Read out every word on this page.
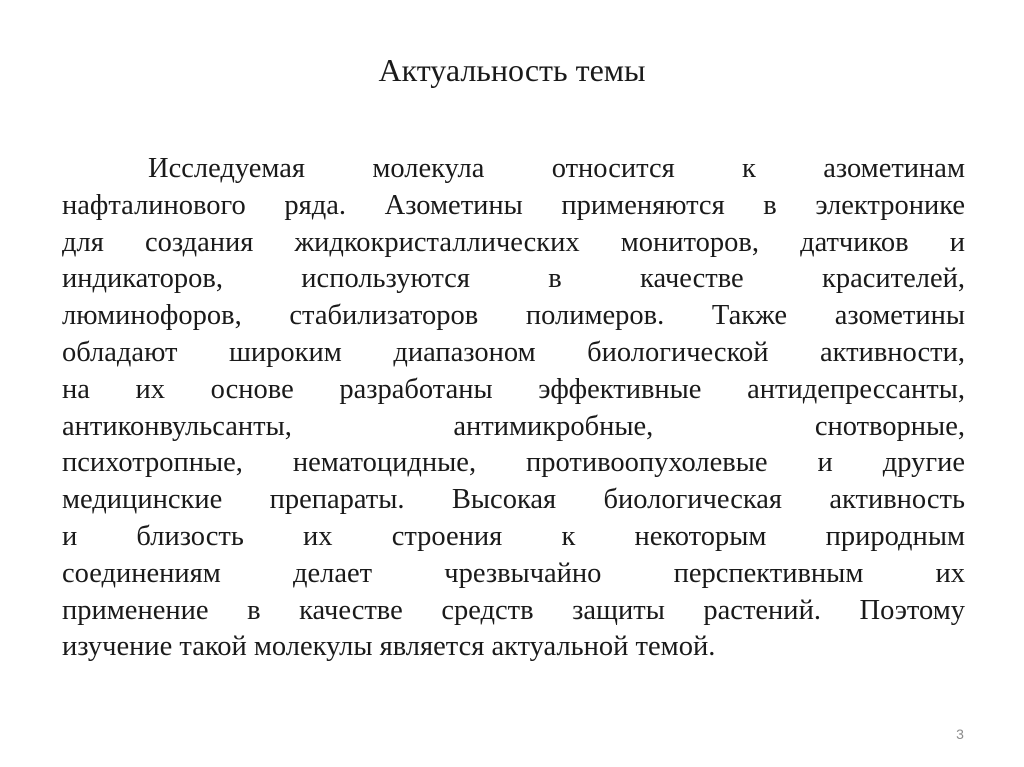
Актуальность темы
Исследуемая молекула относится к азометинам
нафталинового ряда. Азометины применяются в электронике
для создания жидкокристаллических мониторов, датчиков и
индикаторов, используются в качестве красителей,
люминофоров, стабилизаторов полимеров. Также азометины
обладают широким диапазоном биологической активности,
на их основе разработаны эффективные антидепрессанты,
антиконвульсанты, антимикробные, снотворные,
психотропные, нематоцидные, противоопухолевые и другие
медицинские препараты. Высокая биологическая активность
и близость их строения к некоторым природным
соединениям делает чрезвычайно перспективным их
применение в качестве средств защиты растений. Поэтому
изучение такой молекулы является актуальной темой.
3
